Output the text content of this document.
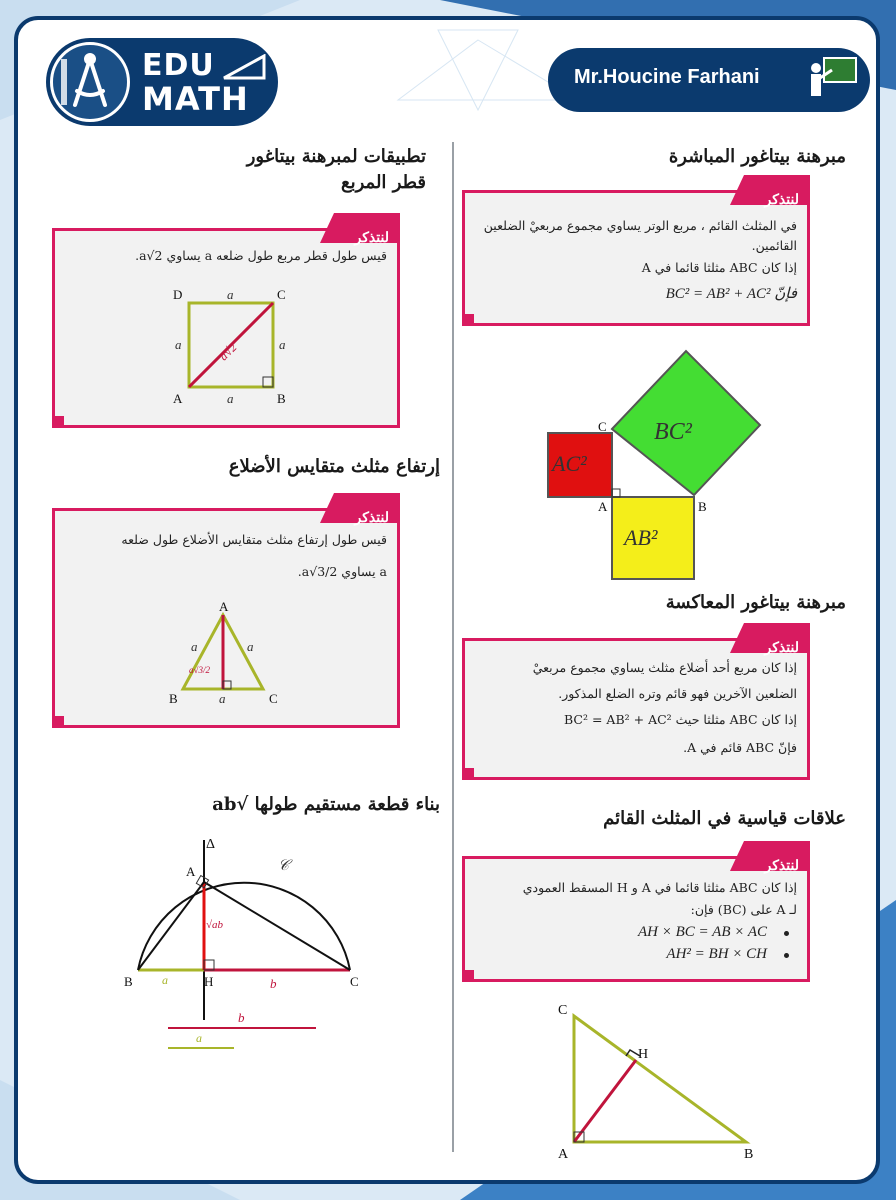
EDU
MATH
Mr.Houcine Farhani
مبرهنة بيتاغور المباشرة
لنتذكر
في المثلث القائم ، مربع الوتر يساوي مجموع مربعيْ الضلعين
القائمين.
إذا كان ABC مثلثا قائما في A
فإنّ BC² = AB² + AC²
BC²
AC²
AB²
C
A	B
مبرهنة بيتاغور المعاكسة
لنتذكر
إذا كان مربع أحد أضلاع مثلث يساوي مجموع مربعيْ
الضلعين الآخرين فهو قائم وتره الضلع المذكور.
إذا كان ABC مثلثا حيث BC² = AB² + AC²
فإنّ ABC قائم في A.
علاقات قياسية في المثلث القائم
لنتذكر
إذا كان ABC مثلثا قائما في A و H المسقط العمودي
لـ A على (BC) فإن:
AH × BC = AB × AC
AH² = BH × CH
C
A	B
H
تطبيقات لمبرهنة بيتاغور
قطر المربع
لنتذكر
قيس طول قطر مربع طول ضلعه a يساوي a√2.
D	C
A	B
a
a
a	a
a√2
إرتفاع مثلث متقايس الأضلاع
لنتذكر
قيس طول إرتفاع مثلث متقايس الأضلاع طول ضلعه
a يساوي a√3/2.
A
B	C
a	a
a
a√3/2
بناء قطعة مستقيم طولها √ab
Δ
𝒞
A
B	C
H
a	b
√ab
b
a
